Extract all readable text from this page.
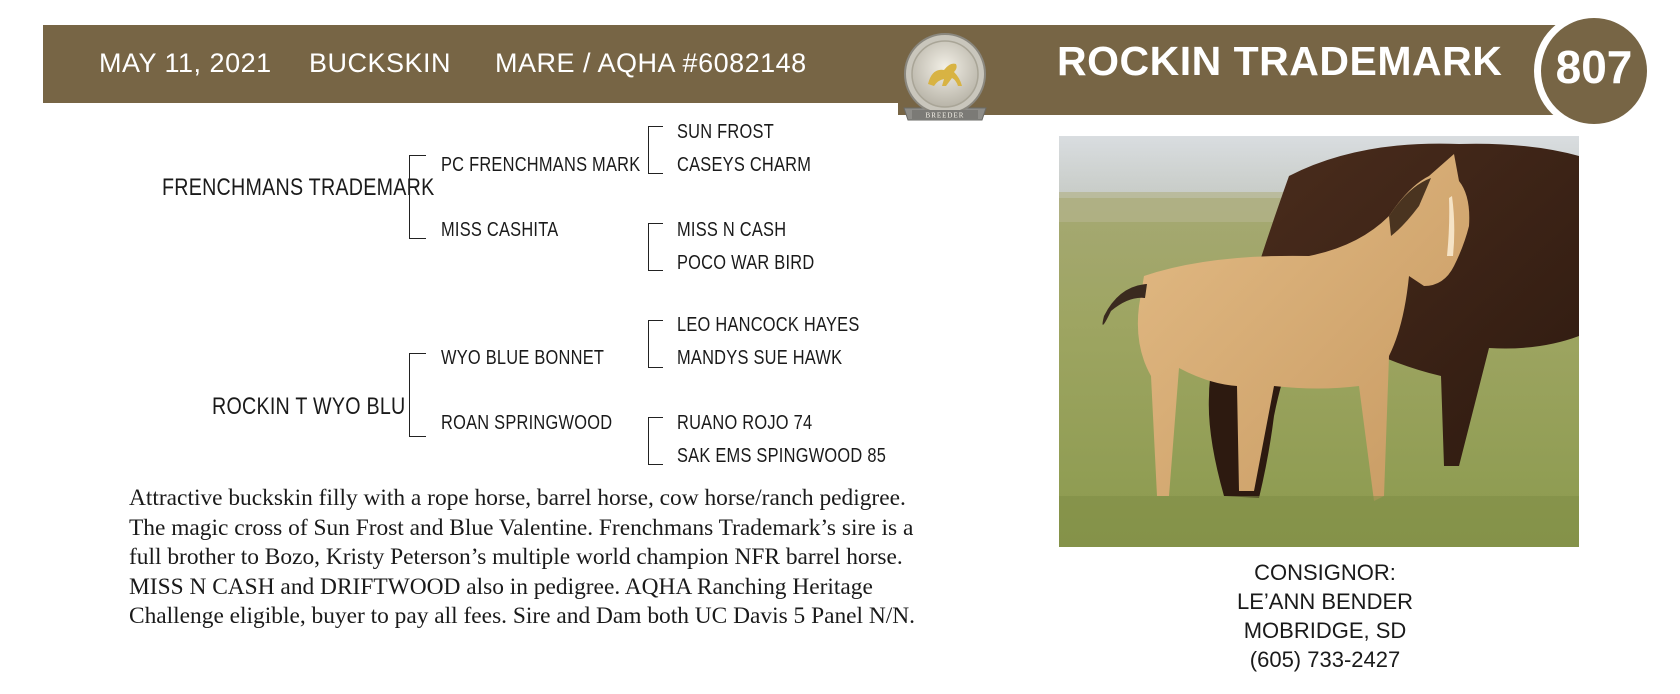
MAY 11, 2021 BUCKSKIN MARE / AQHA #6082148
BREEDER
ROCKIN TRADEMARK	807
FRENCHMANS TRADEMARK
ROCKIN T WYO BLU
PC FRENCHMANS MARK
MISS CASHITA
WYO BLUE BONNET
ROAN SPRINGWOOD
SUN FROST
CASEYS CHARM
MISS N CASH
POCO WAR BIRD
LEO HANCOCK HAYES
MANDYS SUE HAWK
RUANO ROJO 74
SAK EMS SPINGWOOD 85
Attractive buckskin filly with a rope horse, barrel horse, cow horse/ranch pedigree.
The magic cross of Sun Frost and Blue Valentine. Frenchmans Trademark’s sire is a
full brother to Bozo, Kristy Peterson’s multiple world champion NFR barrel horse.
MISS N CASH and DRIFTWOOD also in pedigree. AQHA Ranching Heritage
Challenge eligible, buyer to pay all fees. Sire and Dam both UC Davis 5 Panel N/N.
CONSIGNOR:
LE’ANN BENDER
MOBRIDGE, SD
(605) 733-2427
